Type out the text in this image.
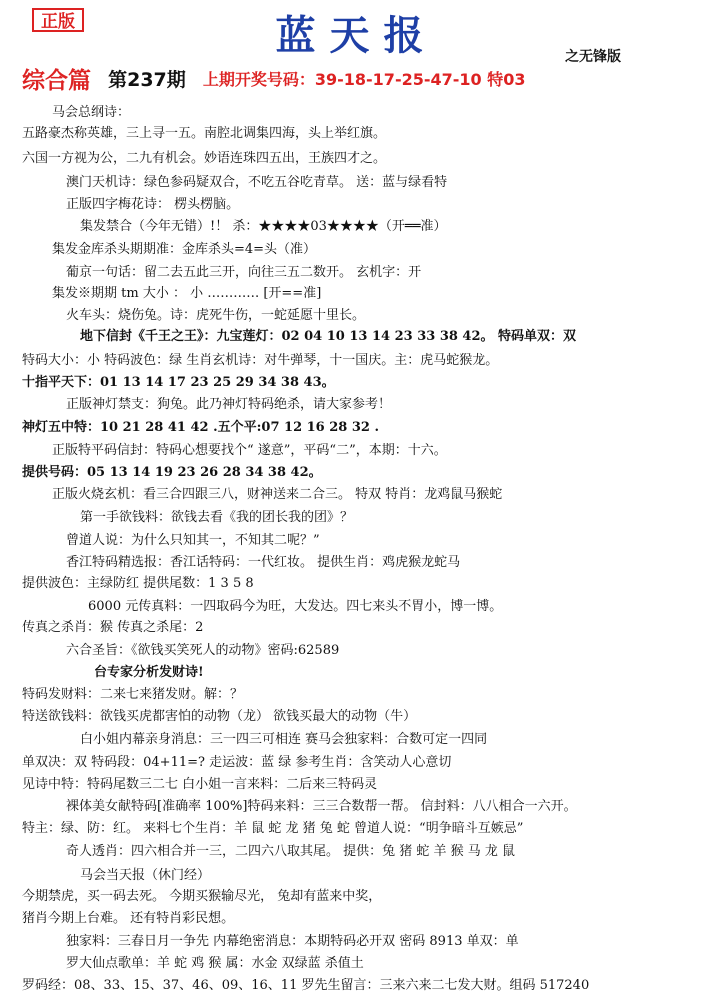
正版	蓝天报	之无锋版
综合篇 第237期 上期开奖号码：39-18-17-25-47-10 特03
马会总纲诗：
五路豪杰称英雄，三上寻一五。南腔北调集四海，头上举红旗。
六国一方视为公，二九有机会。妙语连珠四五出，王族四才之。
澳门天机诗：绿色参码疑双合，不吃五谷吃青草。 送：蓝与绿看特
正版四字梅花诗： 楞头楞脑。
集发禁合（今年无错）!！ 杀：★★★★03★★★★（开══准）
集发金库杀头期期准：金库杀头=4=头（准）
葡京一句话：留二去五此三开，向往三五二数开。 玄机字：开
集发※期期 tm 大小 ： 小 ………… [开==准]
火车头：烧伤兔。诗：虎死牛伤，一蛇延愿十里长。
地下信封《千王之王》：九宝莲灯：02 04 10 13 14 23 33 38 42。 特码单双：双
特码大小：小 特码波色：绿 生肖玄机诗：对牛弹琴，十一国庆。主：虎马蛇猴龙。
十指平天下：01 13 14 17 23 25 29 34 38 43。
正版神灯禁支：狗兔。此乃神灯特码绝杀，请大家参考！
神灯五中特：10 21 28 41 42 .五个平:07 12 16 28 32 .
正版特平码信封：特码心想要找个“ 遂意”，平码“二”，本期：十六。
提供号码：05 13 14 19 23 26 28 34 38 42。
正版火烧玄机：看三合四跟三八，财神送来二合三。 特双 特肖：龙鸡鼠马猴蛇
第一手欲钱料：欲钱去看《我的团长我的团》？
曾道人说：为什么只知其一，不知其二呢？”
香江特码精选报：香江话特码：一代红妆。 提供生肖：鸡虎猴龙蛇马
提供波色：主绿防红 提供尾数：1 3 5 8
6000 元传真料：一四取码今为旺，大发达。四七来头不胃小，博一博。
传真之杀肖：猴 传真之杀尾：2
六合圣旨：《欲钱买笑死人的动物》密码:62589
台专家分析发财诗!
特码发财料：二来七来猪发财。解：？
特送欲钱料：欲钱买虎都害怕的动物（龙） 欲钱买最大的动物（牛）
白小姐内幕亲身消息：三一四三可相连 赛马会独家料：合数可定一四同
单双决：双 特码段：04+11=? 走运波：蓝 绿 参考生肖：含笑动人心意切
见诗中特：特码尾数三二七 白小姐一言来料：二后来三特码灵
裸体美女献特码[准确率 100%]特码来料：三三合数帮一帮。 信封料：八八相合一六开。
特主：绿、防：红。 来料七个生肖：羊 鼠 蛇 龙 猪 兔 蛇 曾道人说：“明争暗斗互嫉忌”
奇人透肖：四六相合并一三，二四六八取其尾。 提供：兔 猪 蛇 羊 猴 马 龙 鼠
马会当天报（休门经）
今期禁虎，买一码去死。 今期买猴输尽光， 兔却有蓝来中奖，
猪肖今期上台难。 还有特肖彩民想。
独家料：三春日月一争先 内幕绝密消息：本期特码必开双 密码 8913 单双：单
罗大仙点歌单：羊 蛇 鸡 猴 属：水金 双绿蓝 杀值土
罗码经：08、33、15、37、46、09、16、11 罗先生留言：三来六来二七发大财。组码 517240
